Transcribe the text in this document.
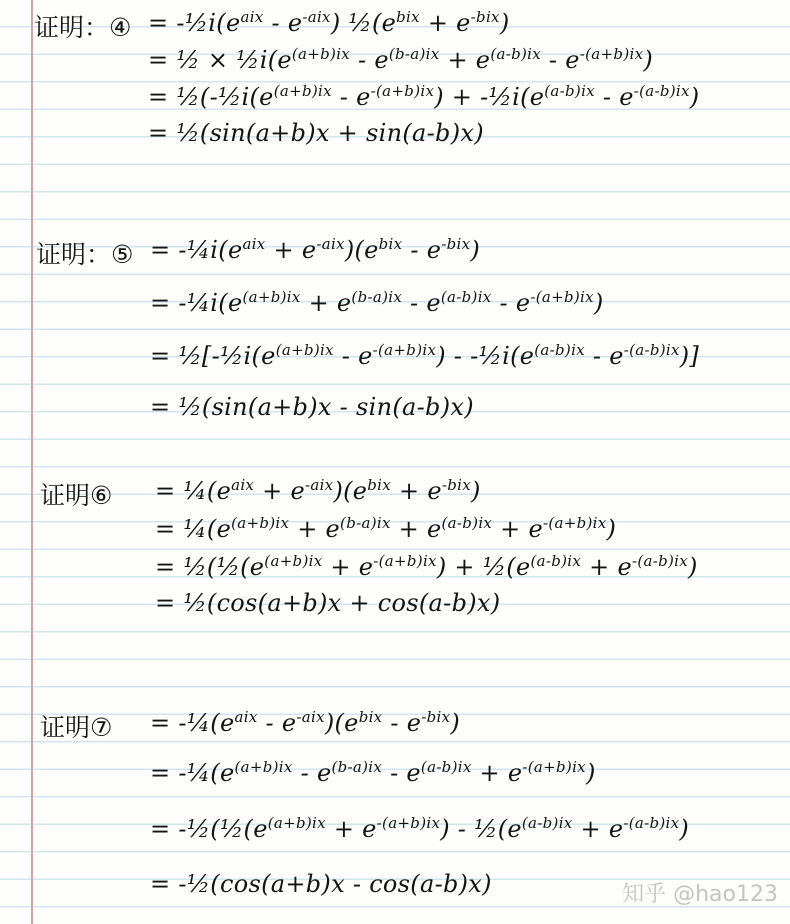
证明：④ = $-\frac{1}{2}i(e^{aix} - e^{-aix})$ $\frac{1}{2}(e^{bix} + e^{-bix})$
= ½ × $\frac{1}{2}i(e^{(a+b)ix} - e^{(b-a)ix} + e^{(a-b)ix} - e^{-(a+b)ix})$
= $\frac{1}{2}(-\frac{1}{2}i(e^{(a+b)ix} - e^{-(a+b)ix})$ + $-\frac{1}{2}i(e^{(a-b)ix} - e^{-(a-b)ix})$
= ½(sin(a+b)x + sin(a-b)x)
证明：⑤ = $-\frac{1}{4}i(e^{aix} + e^{-aix})(e^{bix} - e^{-bix})$
= $-\frac{1}{4}i(e^{(a+b)ix} + e^{(b-a)ix} - e^{(a-b)ix} - e^{-(a+b)ix})$
= $\frac{1}{2}[-\frac{1}{2}i(e^{(a+b)ix} - e^{-(a+b)ix})$ - $-\frac{1}{2}i(e^{(a-b)ix} - e^{-(a-b)ix})$]
= ½(sin(a+b)x - sin(a-b)x)
证明⑥ = $\frac{1}{4}(e^{aix} + e^{-aix})(e^{bix} + e^{-bix})$
= $\frac{1}{4}(e^{(a+b)ix} + e^{(b-a)ix} + e^{(a-b)ix} + e^{-(a+b)ix})$
= $\frac{1}{2}(\frac{1}{2}(e^{(a+b)ix} + e^{-(a+b)ix})$ + $\frac{1}{2}(e^{(a-b)ix} + e^{-(a-b)ix})$
= ½(cos(a+b)x + cos(a-b)x)
证明⑦ = $-\frac{1}{4}(e^{aix} - e^{-aix})(e^{bix} - e^{-bix})$
= $-\frac{1}{4}(e^{(a+b)ix} - e^{(b-a)ix} - e^{(a-b)ix} + e^{-(a+b)ix})$
= $-\frac{1}{2}(\frac{1}{2}(e^{(a+b)ix} + e^{-(a+b)ix})$ - $\frac{1}{2}(e^{(a-b)ix} + e^{-(a-b)ix})$
= -½(cos(a+b)x - cos(a-b)x)	知乎 @hao123
